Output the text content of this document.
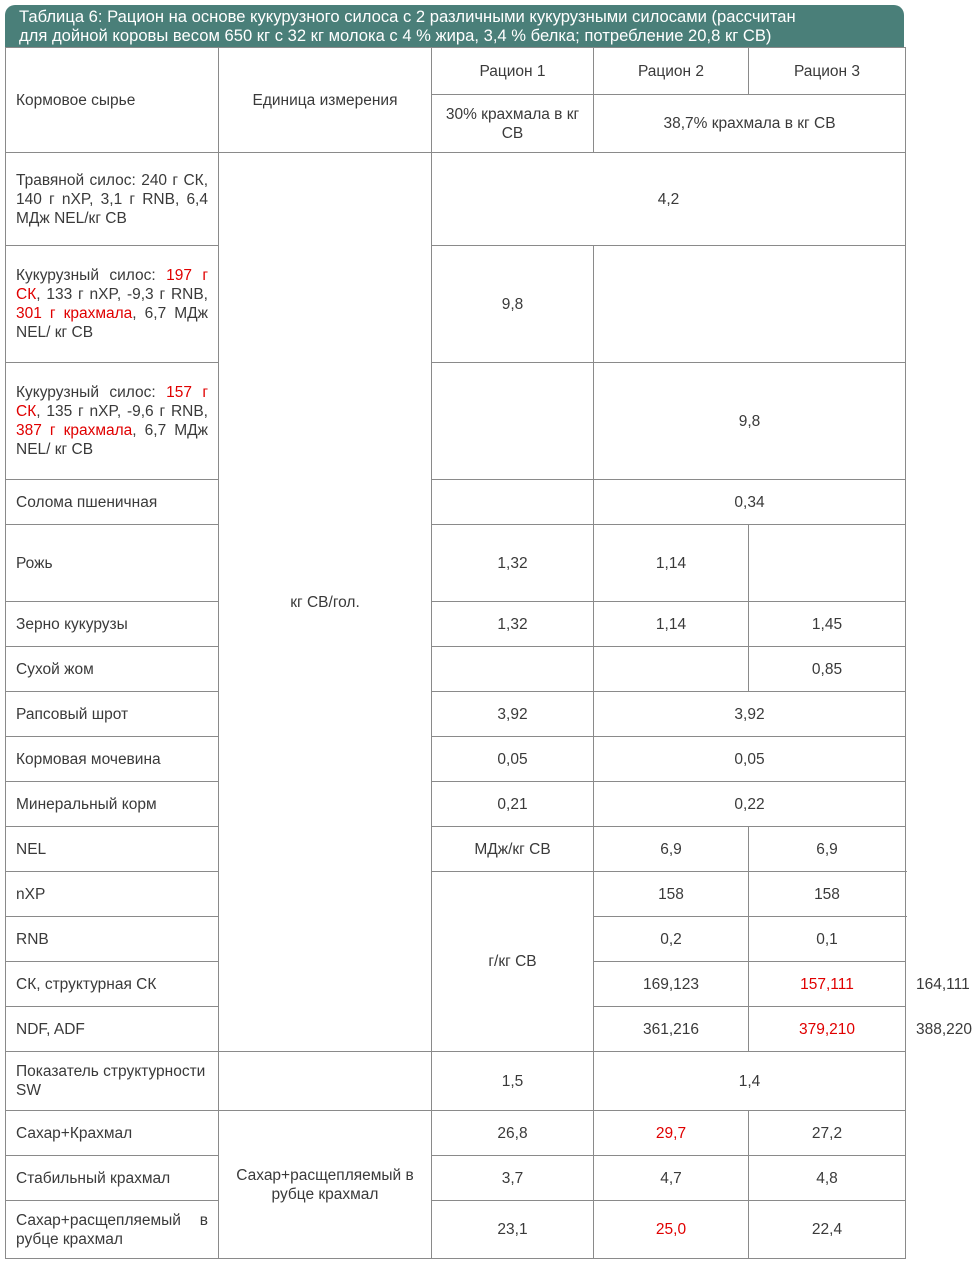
Таблица 6: Рацион на основе кукурузного силоса с 2 различными кукурузными силосами (рассчитан
для дойной коровы весом 650 кг с 32 кг молока с 4 % жира, 3,4 % белка; потребление 20,8 кг СВ)
Кормовое сырье	Единица измерения	Рацион 1	Рацион 2	Рацион 3	
		30% крахмала в кг СВ	38,7% крахмала в кг СВ		
Травяной силос: 240 г СК, 140 г nXP, 3,1 г RNB, 6,4 МДж NEL/кг СВ	кг СВ/гол.	4,2			
Кукурузный силос: 197 г СК, 133 г nXP, -9,3 г RNB, 301 г крахмала, 6,7 МДж NEL/ кг СВ		9,8			
Кукурузный силос: 157 г СК, 135 г nXP, -9,6 г RNB, 387 г крахмала, 6,7 МДж NEL/ кг СВ			9,8		
Солома пшеничная			0,34		
Рожь		1,32	1,14		
Зерно кукурузы		1,32	1,14	1,45	
Сухой жом				0,85	
Рапсовый шрот		3,92	3,92		
Кормовая мочевина		0,05	0,05		
Минеральный корм		0,21	0,22		
NEL		МДж/кг СВ	6,9	6,9	
nXP		г/кг СВ	158	158	
RNB			0,2	0,1	
СК, структурная СК			169,123	157,111	164,111
NDF, ADF			361,216	379,210	388,220
Показатель структурности SW		1,5	1,4		
Сахар+Крахмал	Сахар+расщепляемый в рубце крахмал	26,8	29,7	27,2	
Стабильный крахмал		3,7	4,7	4,8	
Сахар+расщепляемый в рубце крахмал		23,1	25,0	22,4	
